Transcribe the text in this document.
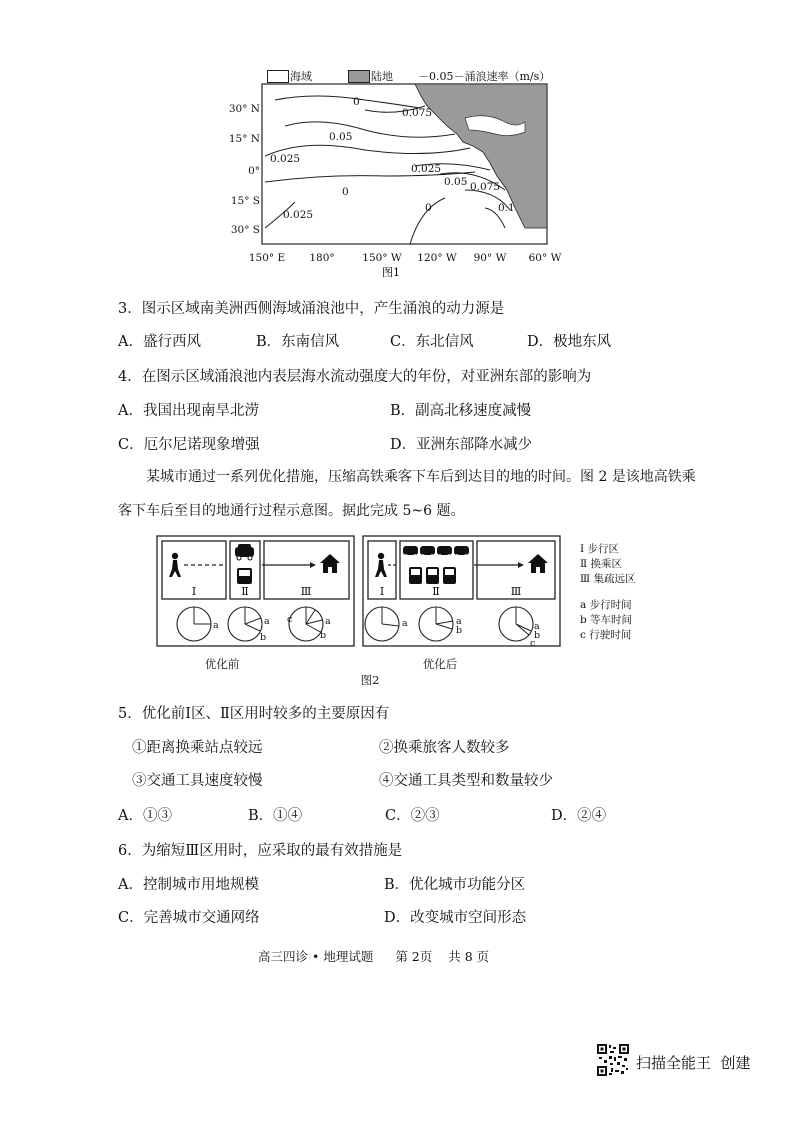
海域	陆地 －0.05－涌浪速率（m/s）
0
0.075
0.05
0.025
0
0.025
0.025
0.05 0.075
0	0.1
30° N
15° N
0°
15° S
30° S
150° E 180°	150° W 120° W 90° W 60° W
图1
3．图示区域南美洲西侧海域涌浪池中，产生涌浪的动力源是
A．盛行西风	B．东南信风	C．东北信风	D．极地东风
4．在图示区域涌浪池内表层海水流动强度大的年份，对亚洲东部的影响为
A．我国出现南旱北涝	B．副高北移速度减慢
C．厄尔尼诺现象增强	D．亚洲东部降水减少
某城市通过一系列优化措施，压缩高铁乘客下车后到达目的地的时间。图 2 是该地高铁乘
客下车后至目的地通行过程示意图。据此完成 5~6 题。
Ⅰ	Ⅱ	Ⅲ	Ⅰ	Ⅱ	Ⅲ
a	a
b
c	a
b
a	a
b	a
b
c
Ⅰ 步行区
Ⅱ 换乘区
Ⅲ 集疏远区
a 步行时间
b 等车时间
c 行驶时间
优化前	优化后
图2
5．优化前Ⅰ区、Ⅱ区用时较多的主要原因有
①距离换乘站点较远	②换乘旅客人数较多
③交通工具速度较慢	④交通工具类型和数量较少
A．①③	B．①④	C．②③	D．②④
6．为缩短Ⅲ区用时，应采取的最有效措施是
A．控制城市用地规模	B．优化城市功能分区
C．完善城市交通网络	D．改变城市空间形态
高三四诊 • 地理试题 第 2页 共 8 页
扫描全能王  创建
